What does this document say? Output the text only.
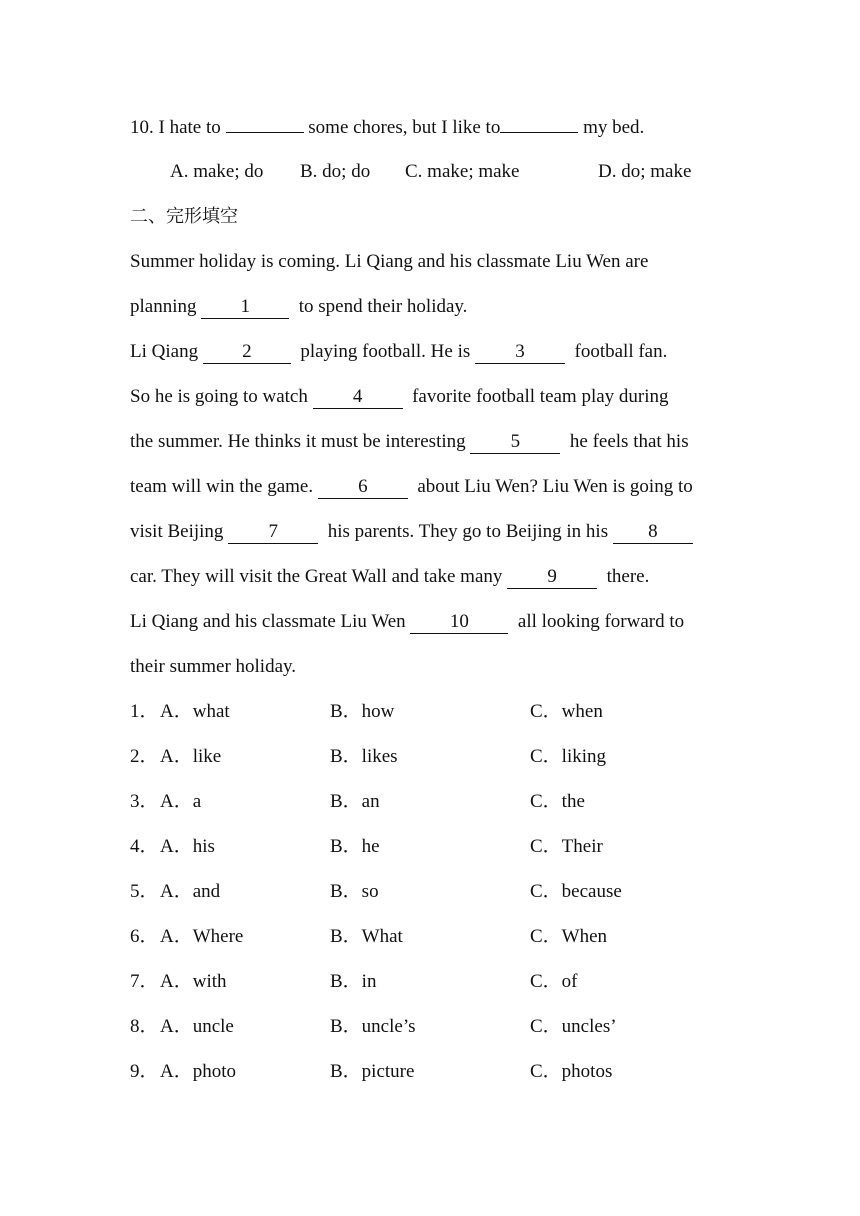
10. I hate to	some chores, but I like to	my bed.
A. make; do B. do; do C. make; make	D. do; make
二、完形填空
Summer holiday is coming. Li Qiang and his classmate Liu Wen are
planning 1  to spend their holiday.
Li Qiang 2  playing football. He is 3  football fan.
So he is going to watch 4  favorite football team play during
the summer. He thinks it must be interesting 5  he feels that his
team will win the game. 6  about Liu Wen? Liu Wen is going to
visit Beijing 7  his parents. They go to Beijing in his 8
car. They will visit the Great Wall and take many 9  there.
Li Qiang and his classmate Liu Wen 10  all looking forward to
their summer holiday.
1． A．what	B．how	C．when
2． A．like	B．likes	C．liking
3． A．a	B．an	C．the
4． A．his	B．he	C．Their
5． A．and	B．so	C．because
6． A．Where	B．What	C．When
7． A．with	B．in	C．of
8． A．uncle	B．uncle’s	C．uncles’
9． A．photo	B．picture	C．photos
